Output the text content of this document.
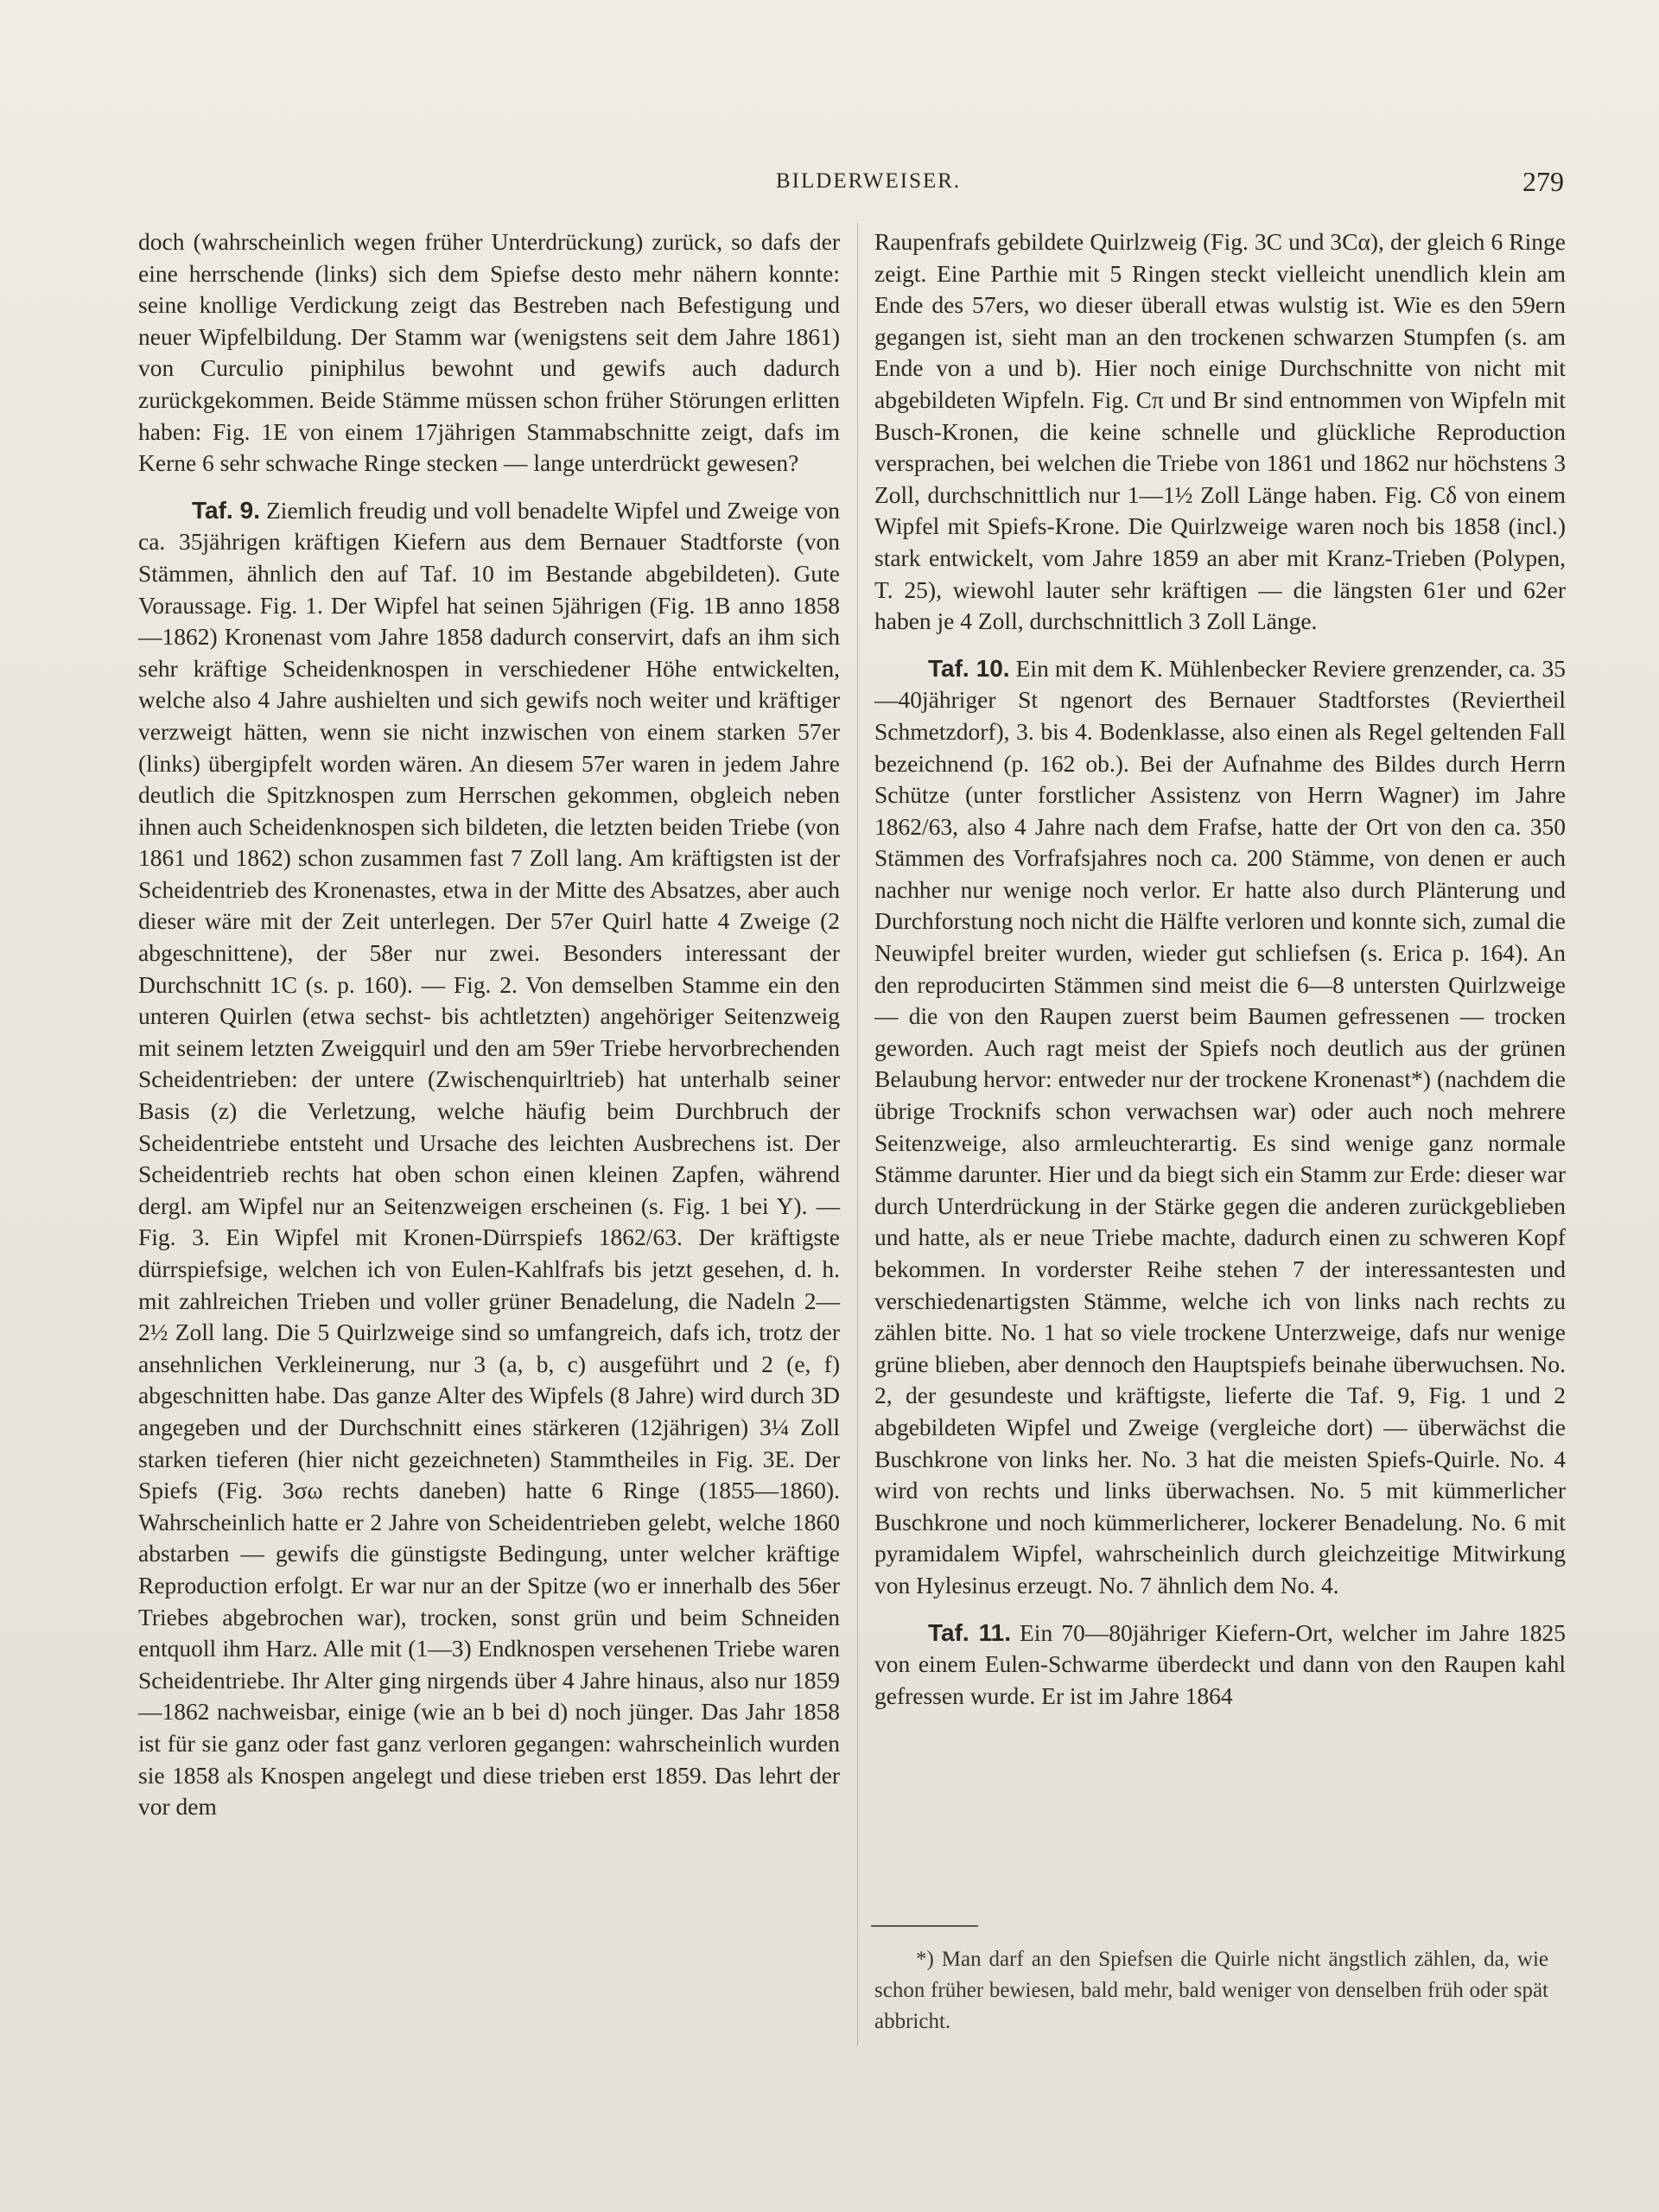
BILDERWEISER.	279

doch (wahrscheinlich wegen früher Unterdrückung) zurück, so dafs der eine herrschende (links) sich dem Spiefse desto mehr nähern konnte: seine knollige Verdickung zeigt das Bestreben nach Befestigung und neuer Wipfelbildung. Der Stamm war (wenigstens seit dem Jahre 1861) von Curculio piniphilus bewohnt und gewifs auch dadurch zurückgekommen. Beide Stämme müssen schon früher Störungen erlitten haben: Fig. 1E von einem 17jährigen Stammabschnitte zeigt, dafs im Kerne 6 sehr schwache Ringe stecken — lange unterdrückt gewesen?

Taf. 9. Ziemlich freudig und voll benadelte Wipfel und Zweige von ca. 35jährigen kräftigen Kiefern aus dem Bernauer Stadtforste (von Stämmen, ähnlich den auf Taf. 10 im Bestande abgebildeten). Gute Voraussage. Fig. 1. Der Wipfel hat seinen 5jährigen (Fig. 1B anno 1858—1862) Kronenast vom Jahre 1858 dadurch conservirt, dafs an ihm sich sehr kräftige Scheidenknospen in verschiedener Höhe entwickelten, welche also 4 Jahre aushielten und sich gewifs noch weiter und kräftiger verzweigt hätten, wenn sie nicht inzwischen von einem starken 57er (links) übergipfelt worden wären. An diesem 57er waren in jedem Jahre deutlich die Spitzknospen zum Herrschen gekommen, obgleich neben ihnen auch Scheidenknospen sich bildeten, die letzten beiden Triebe (von 1861 und 1862) schon zusammen fast 7 Zoll lang. Am kräftigsten ist der Scheidentrieb des Kronenastes, etwa in der Mitte des Absatzes, aber auch dieser wäre mit der Zeit unterlegen. Der 57er Quirl hatte 4 Zweige (2 abgeschnittene), der 58er nur zwei. Besonders interessant der Durchschnitt 1C (s. p. 160). — Fig. 2. Von demselben Stamme ein den unteren Quirlen (etwa sechst- bis achtletzten) angehöriger Seitenzweig mit seinem letzten Zweigquirl und den am 59er Triebe hervorbrechenden Scheidentrieben: der untere (Zwischenquirltrieb) hat unterhalb seiner Basis (z) die Verletzung, welche häufig beim Durchbruch der Scheidentriebe entsteht und Ursache des leichten Ausbrechens ist. Der Scheidentrieb rechts hat oben schon einen kleinen Zapfen, während dergl. am Wipfel nur an Seitenzweigen erscheinen (s. Fig. 1 bei Y). — Fig. 3. Ein Wipfel mit Kronen-Dürrspiefs 1862/63. Der kräftigste dürrspiefsige, welchen ich von Eulen-Kahlfrafs bis jetzt gesehen, d. h. mit zahlreichen Trieben und voller grüner Benadelung, die Nadeln 2—2½ Zoll lang. Die 5 Quirlzweige sind so umfangreich, dafs ich, trotz der ansehnlichen Verkleinerung, nur 3 (a, b, c) ausgeführt und 2 (e, f) abgeschnitten habe. Das ganze Alter des Wipfels (8 Jahre) wird durch 3D angegeben und der Durchschnitt eines stärkeren (12jährigen) 3¼ Zoll starken tieferen (hier nicht gezeichneten) Stammtheiles in Fig. 3E. Der Spiefs (Fig. 3σω rechts daneben) hatte 6 Ringe (1855—1860). Wahrscheinlich hatte er 2 Jahre von Scheidentrieben gelebt, welche 1860 abstarben — gewifs die günstigste Bedingung, unter welcher kräftige Reproduction erfolgt. Er war nur an der Spitze (wo er innerhalb des 56er Triebes abgebrochen war), trocken, sonst grün und beim Schneiden entquoll ihm Harz. Alle mit (1—3) Endknospen versehenen Triebe waren Scheidentriebe. Ihr Alter ging nirgends über 4 Jahre hinaus, also nur 1859—1862 nachweisbar, einige (wie an b bei d) noch jünger. Das Jahr 1858 ist für sie ganz oder fast ganz verloren gegangen: wahrscheinlich wurden sie 1858 als Knospen angelegt und diese trieben erst 1859. Das lehrt der vor dem

Raupenfrafs gebildete Quirlzweig (Fig. 3C und 3Cα), der gleich 6 Ringe zeigt. Eine Parthie mit 5 Ringen steckt vielleicht unendlich klein am Ende des 57ers, wo dieser überall etwas wulstig ist. Wie es den 59ern gegangen ist, sieht man an den trockenen schwarzen Stumpfen (s. am Ende von a und b). Hier noch einige Durchschnitte von nicht mit abgebildeten Wipfeln. Fig. Cπ und Br sind entnommen von Wipfeln mit Busch-Kronen, die keine schnelle und glückliche Reproduction versprachen, bei welchen die Triebe von 1861 und 1862 nur höchstens 3 Zoll, durchschnittlich nur 1—1½ Zoll Länge haben. Fig. Cδ von einem Wipfel mit Spiefs-Krone. Die Quirlzweige waren noch bis 1858 (incl.) stark entwickelt, vom Jahre 1859 an aber mit Kranz-Trieben (Polypen, T. 25), wiewohl lauter sehr kräftigen — die längsten 61er und 62er haben je 4 Zoll, durchschnittlich 3 Zoll Länge.

Taf. 10. Ein mit dem K. Mühlenbecker Reviere grenzender, ca. 35—40jähriger St ngenort des Bernauer Stadtforstes (Reviertheil Schmetzdorf), 3. bis 4. Bodenklasse, also einen als Regel geltenden Fall bezeichnend (p. 162 ob.). Bei der Aufnahme des Bildes durch Herrn Schütze (unter forstlicher Assistenz von Herrn Wagner) im Jahre 1862/63, also 4 Jahre nach dem Frafse, hatte der Ort von den ca. 350 Stämmen des Vorfrafsjahres noch ca. 200 Stämme, von denen er auch nachher nur wenige noch verlor. Er hatte also durch Plänterung und Durchforstung noch nicht die Hälfte verloren und konnte sich, zumal die Neuwipfel breiter wurden, wieder gut schliefsen (s. Erica p. 164). An den reproducirten Stämmen sind meist die 6—8 untersten Quirlzweige — die von den Raupen zuerst beim Baumen gefressenen — trocken geworden. Auch ragt meist der Spiefs noch deutlich aus der grünen Belaubung hervor: entweder nur der trockene Kronenast*) (nachdem die übrige Trocknifs schon verwachsen war) oder auch noch mehrere Seitenzweige, also armleuchterartig. Es sind wenige ganz normale Stämme darunter. Hier und da biegt sich ein Stamm zur Erde: dieser war durch Unterdrückung in der Stärke gegen die anderen zurückgeblieben und hatte, als er neue Triebe machte, dadurch einen zu schweren Kopf bekommen. In vorderster Reihe stehen 7 der interessantesten und verschiedenartigsten Stämme, welche ich von links nach rechts zu zählen bitte. No. 1 hat so viele trockene Unterzweige, dafs nur wenige grüne blieben, aber dennoch den Hauptspiefs beinahe überwuchsen. No. 2, der gesundeste und kräftigste, lieferte die Taf. 9, Fig. 1 und 2 abgebildeten Wipfel und Zweige (vergleiche dort) — überwächst die Buschkrone von links her. No. 3 hat die meisten Spiefs-Quirle. No. 4 wird von rechts und links überwachsen. No. 5 mit kümmerlicher Buschkrone und noch kümmerlicherer, lockerer Benadelung. No. 6 mit pyramidalem Wipfel, wahrscheinlich durch gleichzeitige Mitwirkung von Hylesinus erzeugt. No. 7 ähnlich dem No. 4.

Taf. 11. Ein 70—80jähriger Kiefern-Ort, welcher im Jahre 1825 von einem Eulen-Schwarme überdeckt und dann von den Raupen kahl gefressen wurde. Er ist im Jahre 1864

*) Man darf an den Spiefsen die Quirle nicht ängstlich zählen, da, wie schon früher bewiesen, bald mehr, bald weniger von denselben früh oder spät abbricht.
